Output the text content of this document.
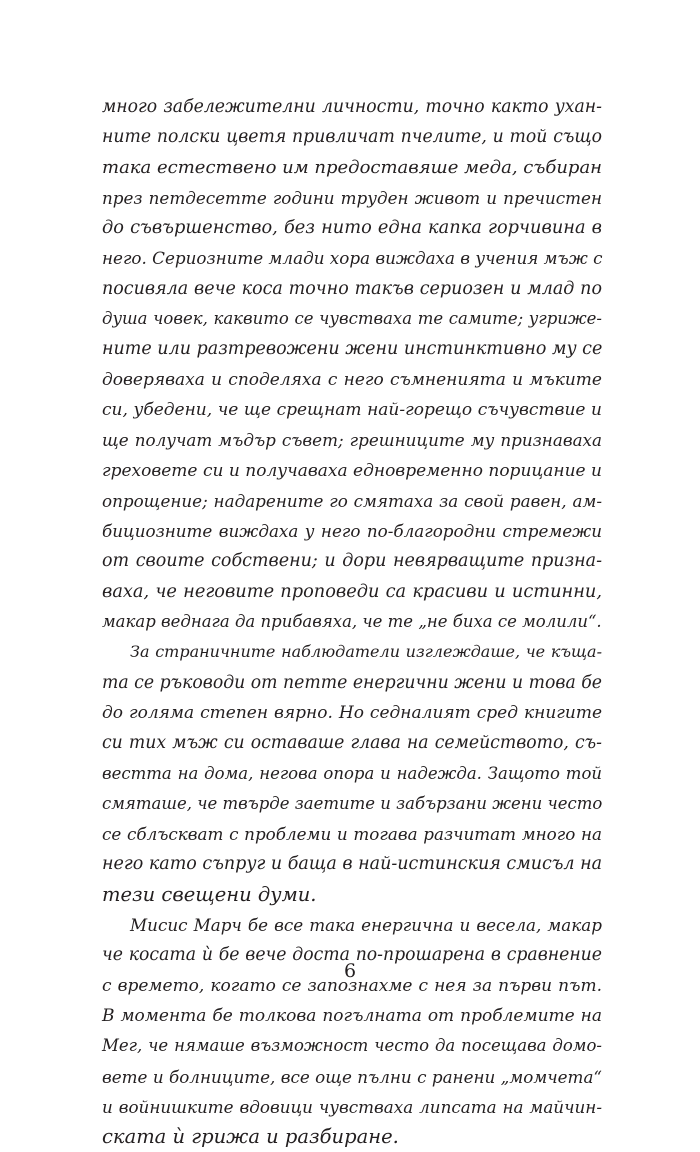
много забележителни личности, точно както ухан-
ните полски цветя привличат пчелите, и той също
така естествено им предоставяше меда, събиран
през петдесетте години труден живот и пречистен
до съвършенство, без нито една капка горчивина в
него. Сериозните млади хора виждаха в учения мъж с
посивяла вече коса точно такъв сериозен и млад по
душа човек, каквито се чувстваха те самите; угриже-
ните или разтревожени жени инстинктивно му се
доверяваха и споделяха с него съмненията и мъките
си, убедени, че ще срещнат най-горещо съчувствие и
ще получат мъдър съвет; грешниците му признаваха
греховете си и получаваха едновременно порицание и
опрощение; надарените го смятаха за свой равен, ам-
бициозните виждаха у него по-благородни стремежи
от своите собствени; и дори невярващите призна-
ваха, че неговите проповеди са красиви и истинни,
макар веднага да прибавяха, че те „не биха се молили“.
За страничните наблюдатели изглеждаше, че къща-
та се ръководи от петте енергични жени и това бе
до голяма степен вярно. Но седналият сред книгите
си тих мъж си оставаше глава на семейството, съ-
вестта на дома, негова опора и надежда. Защото той
смяташе, че твърде заетите и забързани жени често
се сблъскват с проблеми и тогава разчитат много на
него като съпруг и баща в най-истинския смисъл на
тези свещени думи.
Мисис Марч бе все така енергична и весела, макар
че косата ѝ бе вече доста по-прошарена в сравнение
с времето, когато се запознахме с нея за първи път.
В момента бе толкова погълната от проблемите на
Мег, че нямаше възможност често да посещава домо-
вете и болниците, все още пълни с ранени „момчета“
и войнишките вдовици чувстваха липсата на майчин-
ската ѝ грижа и разбиране.
6
